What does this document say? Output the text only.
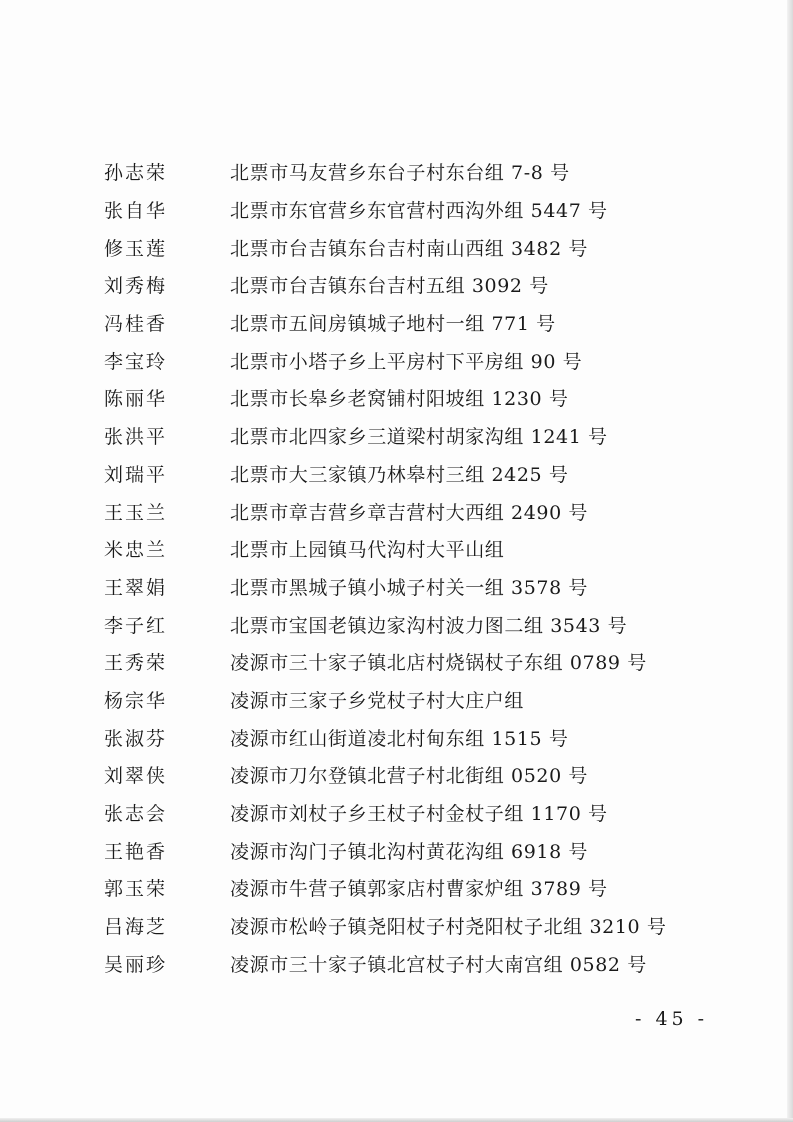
孙志荣	北票市马友营乡东台子村东台组 7-8 号
张自华	北票市东官营乡东官营村西沟外组 5447 号
修玉莲	北票市台吉镇东台吉村南山西组 3482 号
刘秀梅	北票市台吉镇东台吉村五组 3092 号
冯桂香	北票市五间房镇城子地村一组 771 号
李宝玲	北票市小塔子乡上平房村下平房组 90 号
陈丽华	北票市长皋乡老窝铺村阳坡组 1230 号
张洪平	北票市北四家乡三道梁村胡家沟组 1241 号
刘瑞平	北票市大三家镇乃林皋村三组 2425 号
王玉兰	北票市章吉营乡章吉营村大西组 2490 号
米忠兰	北票市上园镇马代沟村大平山组
王翠娟	北票市黑城子镇小城子村关一组 3578 号
李子红	北票市宝国老镇边家沟村波力图二组 3543 号
王秀荣	凌源市三十家子镇北店村烧锅杖子东组 0789 号
杨宗华	凌源市三家子乡党杖子村大庄户组
张淑芬	凌源市红山街道凌北村甸东组 1515 号
刘翠侠	凌源市刀尔登镇北营子村北街组 0520 号
张志会	凌源市刘杖子乡王杖子村金杖子组 1170 号
王艳香	凌源市沟门子镇北沟村黄花沟组 6918 号
郭玉荣	凌源市牛营子镇郭家店村曹家炉组 3789 号
吕海芝	凌源市松岭子镇尧阳杖子村尧阳杖子北组 3210 号
吴丽珍	凌源市三十家子镇北宫杖子村大南宫组 0582 号
- 45 -
